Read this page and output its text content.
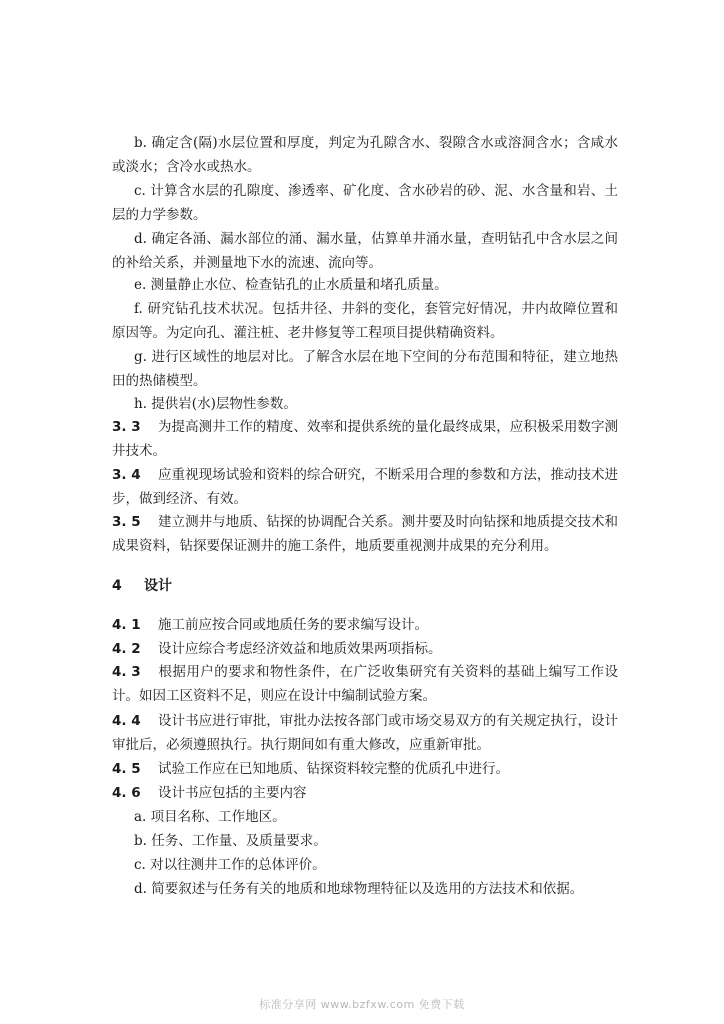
b. 确定含(隔)水层位置和厚度，判定为孔隙含水、裂隙含水或溶洞含水；含咸水或淡水；含冷水或热水。

c. 计算含水层的孔隙度、渗透率、矿化度、含水砂岩的砂、泥、水含量和岩、土层的力学参数。

d. 确定各涌、漏水部位的涌、漏水量，估算单井涌水量，查明钻孔中含水层之间的补给关系，并测量地下水的流速、流向等。

e. 测量静止水位、检查钻孔的止水质量和堵孔质量。

f. 研究钻孔技术状况。包括井径、井斜的变化，套管完好情况，井内故障位置和原因等。为定向孔、灌注桩、老井修复等工程项目提供精确资料。

g. 进行区域性的地层对比。了解含水层在地下空间的分布范围和特征，建立地热田的热储模型。

h. 提供岩(水)层物性参数。

3. 3 为提高测井工作的精度、效率和提供系统的量化最终成果，应积极采用数字测井技术。

3. 4 应重视现场试验和资料的综合研究，不断采用合理的参数和方法，推动技术进步，做到经济、有效。

3. 5 建立测井与地质、钻探的协调配合关系。测井要及时向钻探和地质提交技术和成果资料，钻探要保证测井的施工条件，地质要重视测井成果的充分利用。

4 设计

4. 1 施工前应按合同或地质任务的要求编写设计。

4. 2 设计应综合考虑经济效益和地质效果两项指标。

4. 3 根据用户的要求和物性条件，在广泛收集研究有关资料的基础上编写工作设计。如因工区资料不足，则应在设计中编制试验方案。

4. 4 设计书应进行审批，审批办法按各部门或市场交易双方的有关规定执行，设计审批后，必须遵照执行。执行期间如有重大修改，应重新审批。

4. 5 试验工作应在已知地质、钻探资料较完整的优质孔中进行。

4. 6 设计书应包括的主要内容

a. 项目名称、工作地区。

b. 任务、工作量、及质量要求。

c. 对以往测井工作的总体评价。

d. 简要叙述与任务有关的地质和地球物理特征以及选用的方法技术和依据。

标准分享网 www.bzfxw.com 免费下载
